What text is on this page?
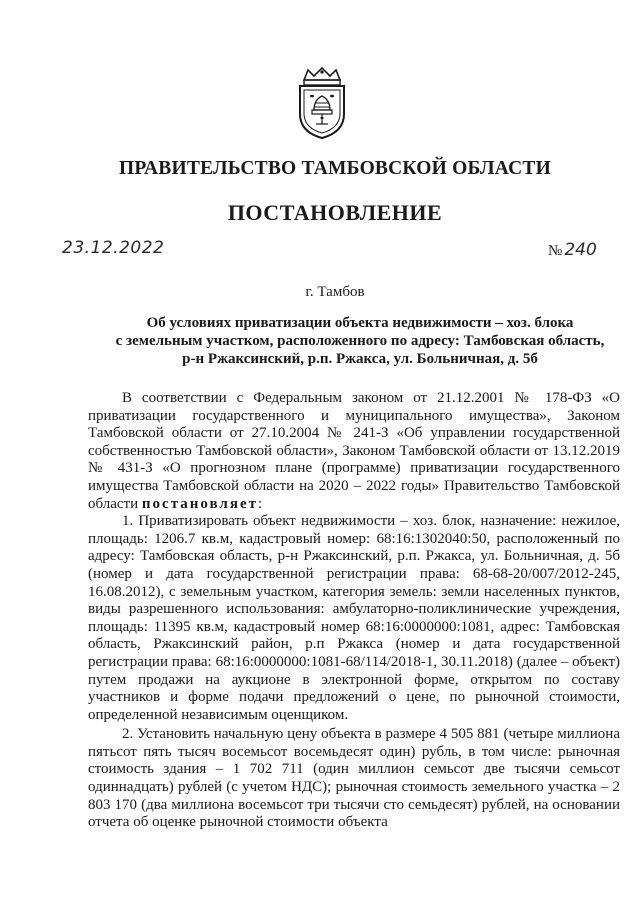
ПРАВИТЕЛЬСТВО ТАМБОВСКОЙ ОБЛАСТИ
ПОСТАНОВЛЕНИЕ
23.12.2022	№ 240
г. Тамбов
Об условиях приватизации объекта недвижимости – хоз. блока
с земельным участком, расположенного по адресу: Тамбовская область,
р-н Ржаксинский, р.п. Ржакса, ул. Больничная, д. 5б

В соответствии с Федеральным законом от 21.12.2001 № 178-ФЗ «О приватизации государственного и муниципального имущества», Законом Тамбовской области от 27.10.2004 № 241-З «Об управлении государственной собственностью Тамбовской области», Законом Тамбовской области от 13.12.2019 № 431-З «О прогнозном плане (программе) приватизации государственного имущества Тамбовской области на 2020 – 2022 годы» Правительство Тамбовской области постановляет:

1. Приватизировать объект недвижимости – хоз. блок, назначение: нежилое, площадь: 1206.7 кв.м, кадастровый номер: 68:16:1302040:50, расположенный по адресу: Тамбовская область, р-н Ржаксинский, р.п. Ржакса, ул. Больничная, д. 5б (номер и дата государственной регистрации права: 68-68-20/007/2012-245, 16.08.2012), с земельным участком, категория земель: земли населенных пунктов, виды разрешенного использования: амбулаторно-поликлинические учреждения, площадь: 11395 кв.м, кадастровый номер 68:16:0000000:1081, адрес: Тамбовская область, Ржаксинский район, р.п Ржакса (номер и дата государственной регистрации права: 68:16:0000000:1081-68/114/2018-1, 30.11.2018) (далее – объект) путем продажи на аукционе в электронной форме, открытом по составу участников и форме подачи предложений о цене, по рыночной стоимости, определенной независимым оценщиком.

2. Установить начальную цену объекта в размере 4 505 881 (четыре миллиона пятьсот пять тысяч восемьсот восемьдесят один) рубль, в том числе: рыночная стоимость здания – 1 702 711 (один миллион семьсот две тысячи семьсот одиннадцать) рублей (с учетом НДС); рыночная стоимость земельного участка – 2 803 170 (два миллиона восемьсот три тысячи сто семьдесят) рублей, на основании отчета об оценке рыночной стоимости объекта
